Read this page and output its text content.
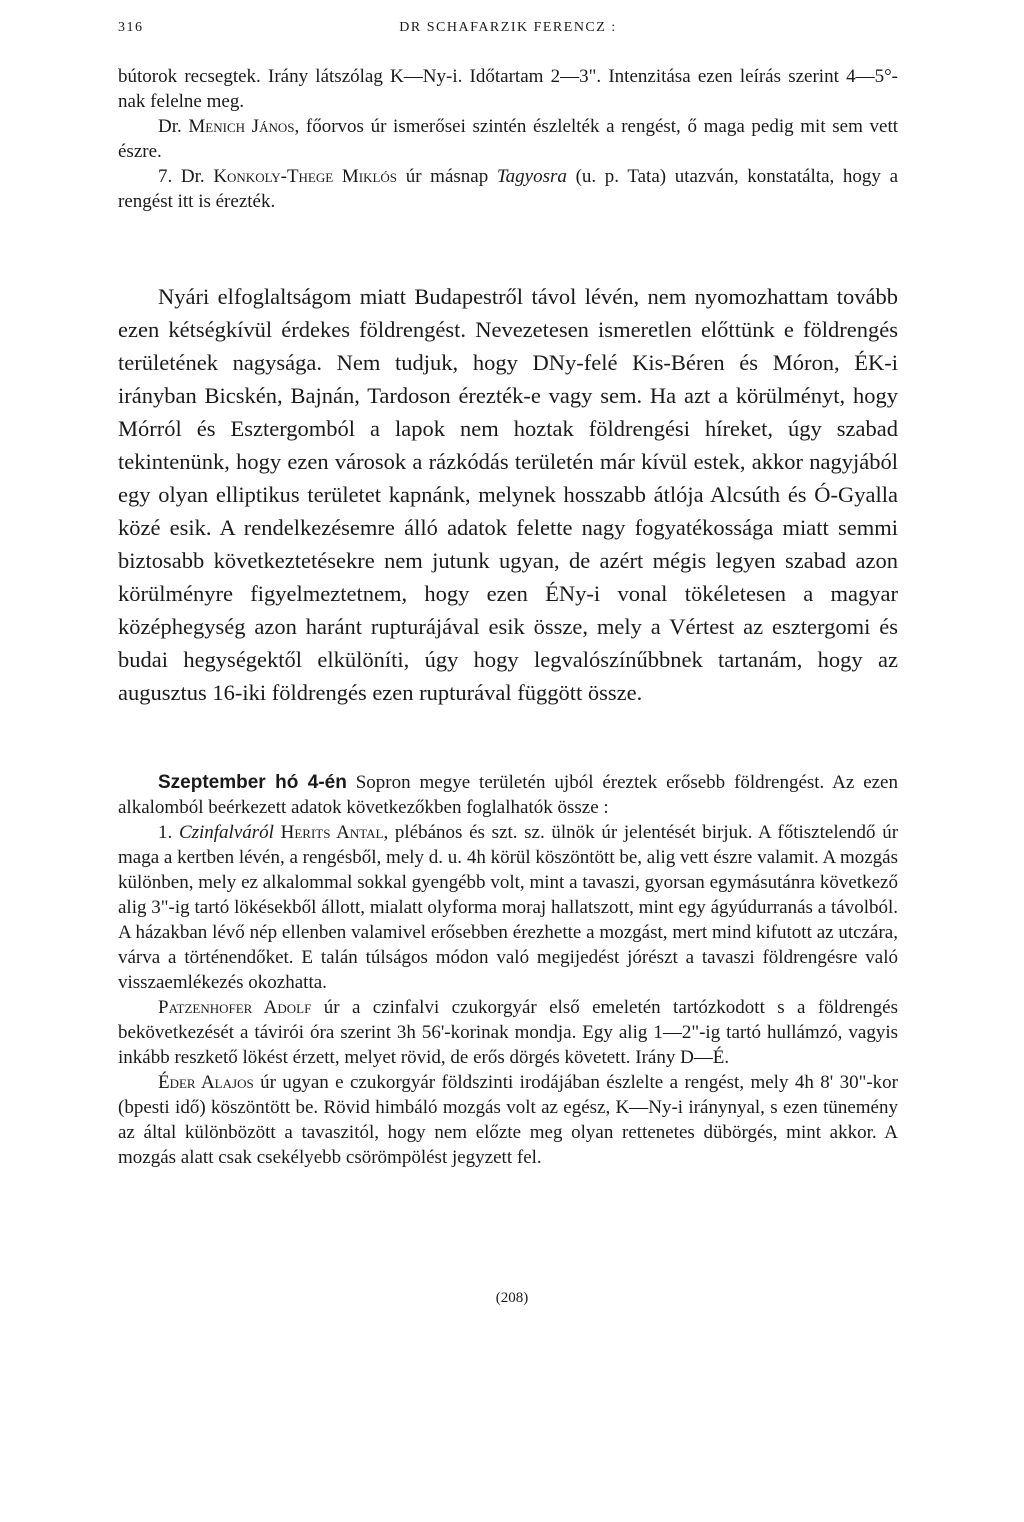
316	DR SCHAFARZIK FERENCZ :

bútorok recsegtek. Irány látszólag K—Ny-i. Időtartam 2—3". Intenzitása ezen leírás szerint 4—5°-nak felelne meg.

Dr. Menich János, főorvos úr ismerősei szintén észlelték a rengést, ő maga pedig mit sem vett észre.

7. Dr. Konkoly-Thege Miklós úr másnap Tagyosra (u. p. Tata) utazván, konstatálta, hogy a rengést itt is érezték.

Nyári elfoglaltságom miatt Budapestről távol lévén, nem nyomozhattam tovább ezen kétségkívül érdekes földrengést. Nevezetesen ismeretlen előttünk e földrengés területének nagysága. Nem tudjuk, hogy DNy-felé Kis-Béren és Móron, ÉK-i irányban Bicskén, Bajnán, Tardoson érezték-e vagy sem. Ha azt a körülményt, hogy Mórról és Esztergomból a lapok nem hoztak földrengési híreket, úgy szabad tekintenünk, hogy ezen városok a rázkódás területén már kívül estek, akkor nagyjából egy olyan elliptikus területet kapnánk, melynek hosszabb átlója Alcsúth és Ó-Gyalla közé esik. A rendelkezésemre álló adatok felette nagy fogyatékossága miatt semmi biztosabb következtetésekre nem jutunk ugyan, de azért mégis legyen szabad azon körülményre figyelmeztetnem, hogy ezen ÉNy-i vonal tökéletesen a magyar középhegység azon haránt rupturájával esik össze, mely a Vértest az esztergomi és budai hegységektől elkülöníti, úgy hogy legvalószínűbbnek tartanám, hogy az augusztus 16-iki földrengés ezen rupturával függött össze.

Szeptember hó 4-én Sopron megye területén ujból éreztek erősebb földrengést. Az ezen alkalomból beérkezett adatok következőkben foglalhatók össze :

1. Czinfalváról Herits Antal, plébános és szt. sz. ülnök úr jelentését birjuk. A főtisztelendő úr maga a kertben lévén, a rengésből, mely d. u. 4h körül köszöntött be, alig vett észre valamit. A mozgás különben, mely ez alkalommal sokkal gyengébb volt, mint a tavaszi, gyorsan egymásutánra következő alig 3"-ig tartó lökésekből állott, mialatt olyforma moraj hallatszott, mint egy ágyúdurranás a távolból. A házakban lévő nép ellenben valamivel erősebben érezhette a mozgást, mert mind kifutott az utczára, várva a történendőket. E talán túlságos módon való megijedést jórészt a tavaszi földrengésre való visszaemlékezés okozhatta.

Patzenhofer Adolf úr a czinfalvi czukorgyár első emeletén tartózkodott s a földrengés bekövetkezését a távirói óra szerint 3h 56'-korinak mondja. Egy alig 1—2"-ig tartó hullámzó, vagyis inkább reszkető lökést érzett, melyet rövid, de erős dörgés követett. Irány D—É.

Éder Alajos úr ugyan e czukorgyár földszinti irodájában észlelte a rengést, mely 4h 8' 30"-kor (bpesti idő) köszöntött be. Rövid himbáló mozgás volt az egész, K—Ny-i iránynyal, s ezen tünemény az által különbözött a tavaszitól, hogy nem előzte meg olyan rettenetes dübörgés, mint akkor. A mozgás alatt csak csekélyebb csörömpölést jegyzett fel.

(208)
